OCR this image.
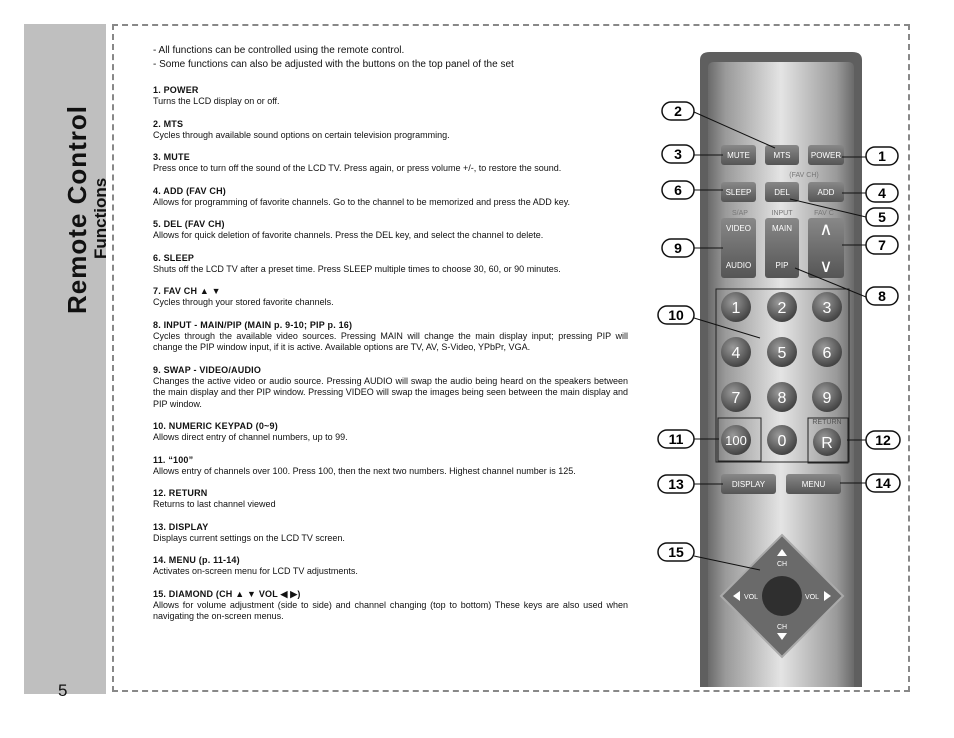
Remote Control Functions
5
- All functions can be controlled using the remote control.
- Some functions can also be adjusted with the buttons on the top panel of the set
1. POWER
Turns the LCD display on or off.
2. MTS
Cycles through available sound options on certain television programming.
3. MUTE
Press once to turn off the sound of the LCD TV. Press again, or press volume +/-, to restore the sound.
4. ADD (FAV CH)
Allows for programming of favorite channels. Go to the channel to be memorized and press the ADD key.
5. DEL (FAV CH)
Allows for quick deletion of favorite channels. Press the DEL key, and select the channel to delete.
6. SLEEP
Shuts off the LCD TV after a preset time. Press SLEEP multiple times to choose 30, 60, or 90 minutes.
7. FAV CH ▲ ▼
Cycles through your stored favorite channels.
8. INPUT - MAIN/PIP (MAIN p. 9-10; PIP p. 16)
Cycles through the available video sources. Pressing MAIN will change the main display input; pressing PIP will change the PIP window input, if it is active. Available options are TV, AV, S-Video, YPbPr, VGA.
9. SWAP - VIDEO/AUDIO
Changes the active video or audio source. Pressing AUDIO will swap the audio being heard on the speakers between the main display and ther PIP window. Pressing VIDEO will swap the images being seen between the main display and PIP window.
10. NUMERIC KEYPAD (0~9)
Allows direct entry of channel numbers, up to 99.
11. “100”
Allows entry of channels over 100. Press 100, then the next two numbers. Highest channel number is 125.
12. RETURN
Returns to last channel viewed
13. DISPLAY
Displays current settings on the LCD TV screen.
14. MENU (p. 11-14)
Activates on-screen menu for LCD TV adjustments.
15. DIAMOND (CH ▲ ▼ VOL ◀ ▶)
Allows for volume adjustment (side to side) and channel changing (top to bottom) These keys are also used when navigating the on-screen menus.
MUTE	MTS	POWER
(FAV CH)
SLEEP	DEL	ADD
S/AP	INPUT	FAV C
VIDEO
AUDIO
MAIN
PIP
∧
∨
1 2 3
4 5 6
7 8 9
100 0
RETURN
R
DISPLAY	MENU
CH
CH
VOL	VOL
1
2
3
4
5
6
7
8
9
10
11	12
13	14
15
